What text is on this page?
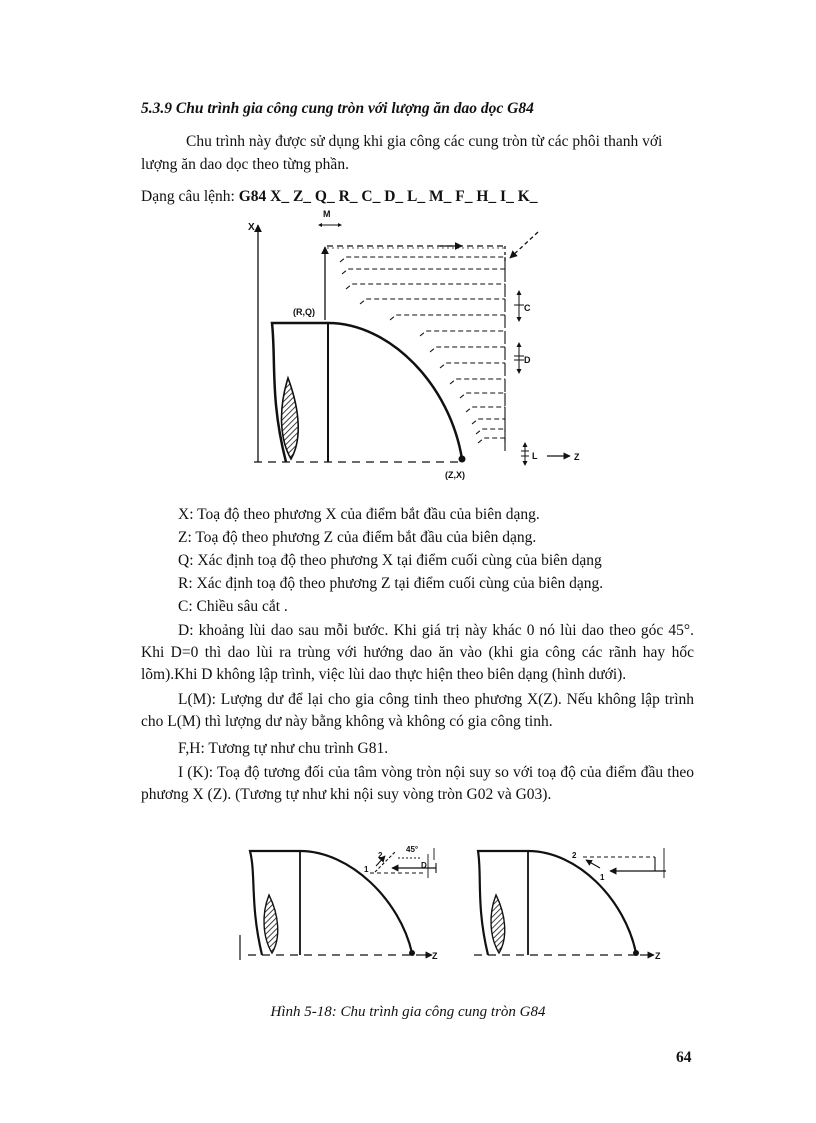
5.3.9 Chu trình gia công cung tròn với lượng ăn dao dọc G84
Chu trình này được sử dụng khi gia công các cung tròn từ các phôi thanh với
lượng ăn dao dọc theo từng phần.
Dạng câu lệnh: G84 X_ Z_ Q_ R_ C_ D_ L_ M_ F_ H_ I_ K_
X
M
(R,Q)
(Z,X)
C
D
L	Z
X: Toạ độ theo phương X của điểm bắt đầu của biên dạng.
Z: Toạ độ theo phương Z của điểm bắt đầu của biên dạng.
Q: Xác định toạ độ theo phương X tại điểm cuối cùng của biên dạng
R: Xác định toạ độ theo phương Z tại điểm cuối cùng của biên dạng.
C: Chiều sâu cắt .
D: khoảng lùi dao sau mỗi bước. Khi giá trị này khác 0 nó lùi dao theo góc 45°. Khi D=0 thì dao lùi ra trùng với hướng dao ăn vào (khi gia công các rãnh hay hốc lõm).Khi D không lập trình, việc lùi dao thực hiện theo biên dạng (hình dưới).
L(M): Lượng dư để lại cho gia công tinh theo phương X(Z). Nếu không lập trình cho L(M) thì lượng dư này bằng không và không có gia công tinh.
F,H: Tương tự như chu trình G81.
I (K): Toạ độ tương đối của tâm vòng tròn nội suy so với toạ độ của điểm đầu theo phương X (Z). (Tương tự như khi nội suy vòng tròn G02 và G03).
Z
1
2
45°
D
Z
2
1
Hình 5-18: Chu trình gia công cung tròn G84
64
